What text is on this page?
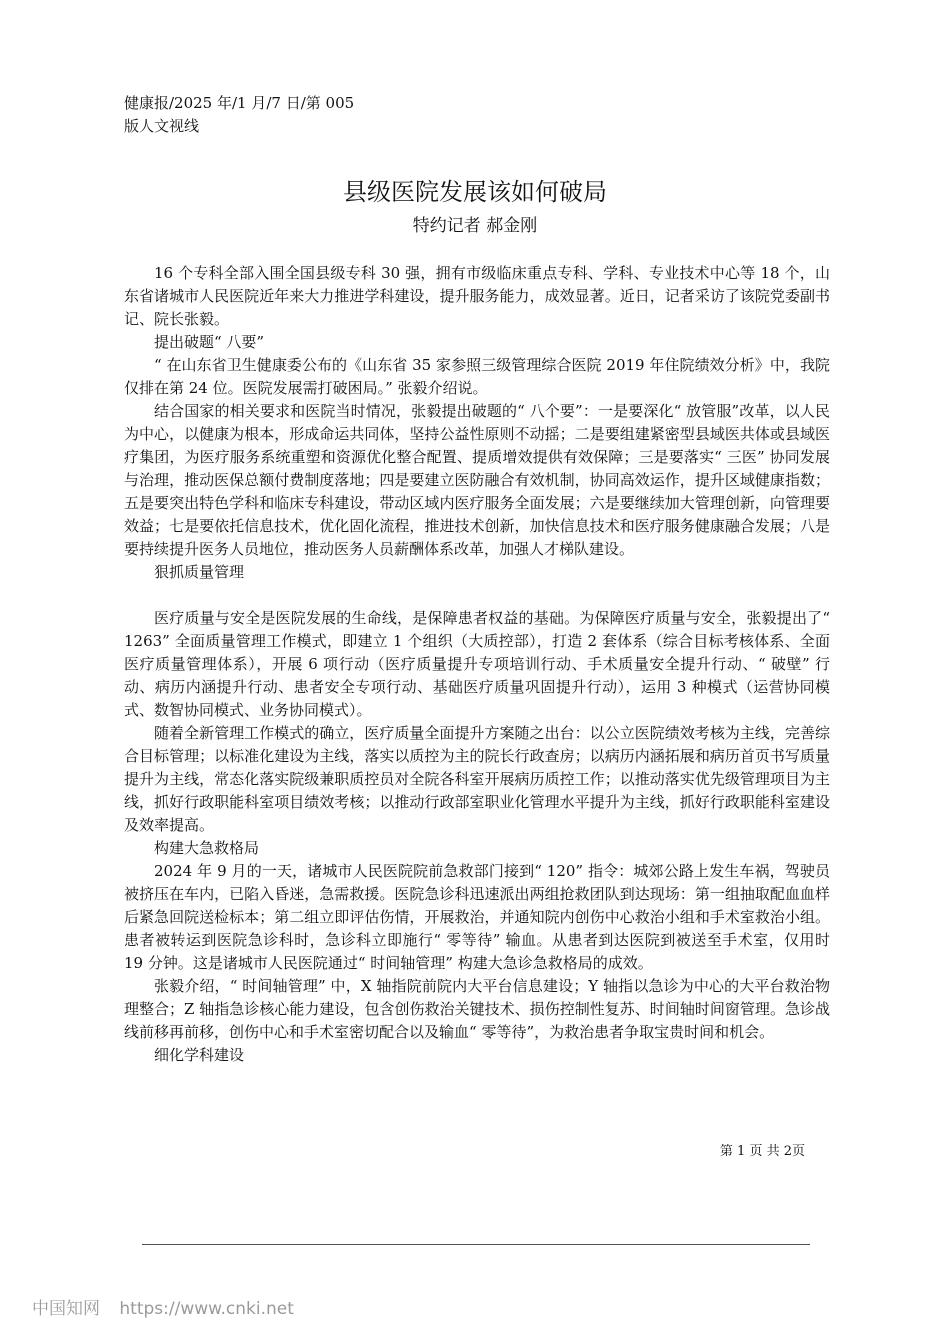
健康报/2025 年/1 月/7 日/第 005
版人文视线
县级医院发展该如何破局
特约记者 郝金刚

16 个专科全部入围全国县级专科 30 强，拥有市级临床重点专科、学科、专业技术中心等 18 个，山东省诸城市人民医院近年来大力推进学科建设，提升服务能力，成效显著。近日，记者采访了该院党委副书记、院长张毅。

提出破题“ 八要”

“ 在山东省卫生健康委公布的《山东省 35 家参照三级管理综合医院 2019 年住院绩效分析》中，我院仅排在第 24 位。医院发展需打破困局。” 张毅介绍说。

结合国家的相关要求和医院当时情况，张毅提出破题的“ 八个要”：一是要深化“ 放管服”改革，以人民为中心，以健康为根本，形成命运共同体，坚持公益性原则不动摇；二是要组建紧密型县域医共体或县域医疗集团，为医疗服务系统重塑和资源优化整合配置、提质增效提供有效保障；三是要落实“ 三医” 协同发展与治理，推动医保总额付费制度落地；四是要建立医防融合有效机制，协同高效运作，提升区域健康指数；五是要突出特色学科和临床专科建设，带动区域内医疗服务全面发展；六是要继续加大管理创新，向管理要效益；七是要依托信息技术，优化固化流程，推进技术创新，加快信息技术和医疗服务健康融合发展；八是要持续提升医务人员地位，推动医务人员薪酬体系改革，加强人才梯队建设。

狠抓质量管理

医疗质量与安全是医院发展的生命线，是保障患者权益的基础。为保障医疗质量与安全，张毅提出了“ 1263” 全面质量管理工作模式，即建立 1 个组织（大质控部），打造 2 套体系（综合目标考核体系、全面医疗质量管理体系），开展 6 项行动（医疗质量提升专项培训行动、手术质量安全提升行动、“ 破壁” 行动、病历内涵提升行动、患者安全专项行动、基础医疗质量巩固提升行动），运用 3 种模式（运营协同模式、数智协同模式、业务协同模式）。

随着全新管理工作模式的确立，医疗质量全面提升方案随之出台：以公立医院绩效考核为主线，完善综合目标管理；以标准化建设为主线，落实以质控为主的院长行政查房；以病历内涵拓展和病历首页书写质量提升为主线，常态化落实院级兼职质控员对全院各科室开展病历质控工作；以推动落实优先级管理项目为主线，抓好行政职能科室项目绩效考核；以推动行政部室职业化管理水平提升为主线，抓好行政职能科室建设及效率提高。

构建大急救格局

2024 年 9 月的一天，诸城市人民医院院前急救部门接到“ 120” 指令：城郊公路上发生车祸，驾驶员被挤压在车内，已陷入昏迷，急需救援。医院急诊科迅速派出两组抢救团队到达现场：第一组抽取配血血样后紧急回院送检标本；第二组立即评估伤情，开展救治，并通知院内创伤中心救治小组和手术室救治小组。患者被转运到医院急诊科时，急诊科立即施行“ 零等待” 输血。从患者到达医院到被送至手术室，仅用时 19 分钟。这是诸城市人民医院通过“ 时间轴管理” 构建大急诊急救格局的成效。

张毅介绍，“ 时间轴管理” 中，X 轴指院前院内大平台信息建设；Y 轴指以急诊为中心的大平台救治物理整合；Z 轴指急诊核心能力建设，包含创伤救治关键技术、损伤控制性复苏、时间轴时间窗管理。急诊战线前移再前移，创伤中心和手术室密切配合以及输血“ 零等待”，为救治患者争取宝贵时间和机会。

细化学科建设

第 1 页 共 2页
中国知网 https://www.cnki.net
